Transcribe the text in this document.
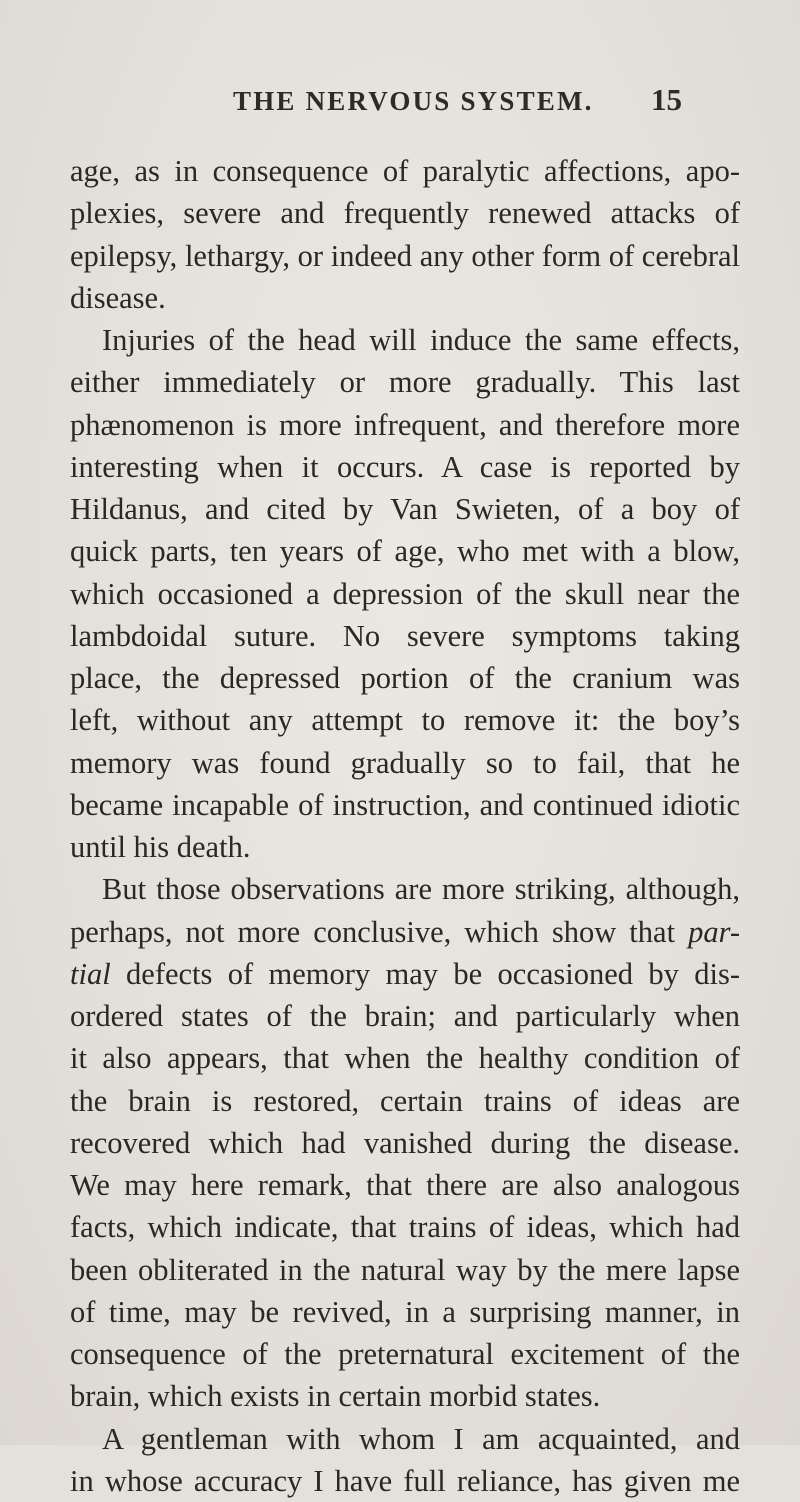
THE NERVOUS SYSTEM. 15
age, as in consequence of paralytic affections, apo-
plexies, severe and frequently renewed attacks of
epilepsy, lethargy, or indeed any other form of cerebral
disease.
Injuries of the head will induce the same effects,
either immediately or more gradually. This last
phænomenon is more infrequent, and therefore more
interesting when it occurs. A case is reported by
Hildanus, and cited by Van Swieten, of a boy of
quick parts, ten years of age, who met with a blow,
which occasioned a depression of the skull near the
lambdoidal suture. No severe symptoms taking
place, the depressed portion of the cranium was
left, without any attempt to remove it: the boy’s
memory was found gradually so to fail, that he
became incapable of instruction, and continued idiotic
until his death.
But those observations are more striking, although,
perhaps, not more conclusive, which show that par-
tial defects of memory may be occasioned by dis-
ordered states of the brain; and particularly when
it also appears, that when the healthy condition of
the brain is restored, certain trains of ideas are
recovered which had vanished during the disease.
We may here remark, that there are also analogous
facts, which indicate, that trains of ideas, which had
been obliterated in the natural way by the mere lapse
of time, may be revived, in a surprising manner, in
consequence of the preternatural excitement of the
brain, which exists in certain morbid states.
A gentleman with whom I am acquainted, and
in whose accuracy I have full reliance, has given me
